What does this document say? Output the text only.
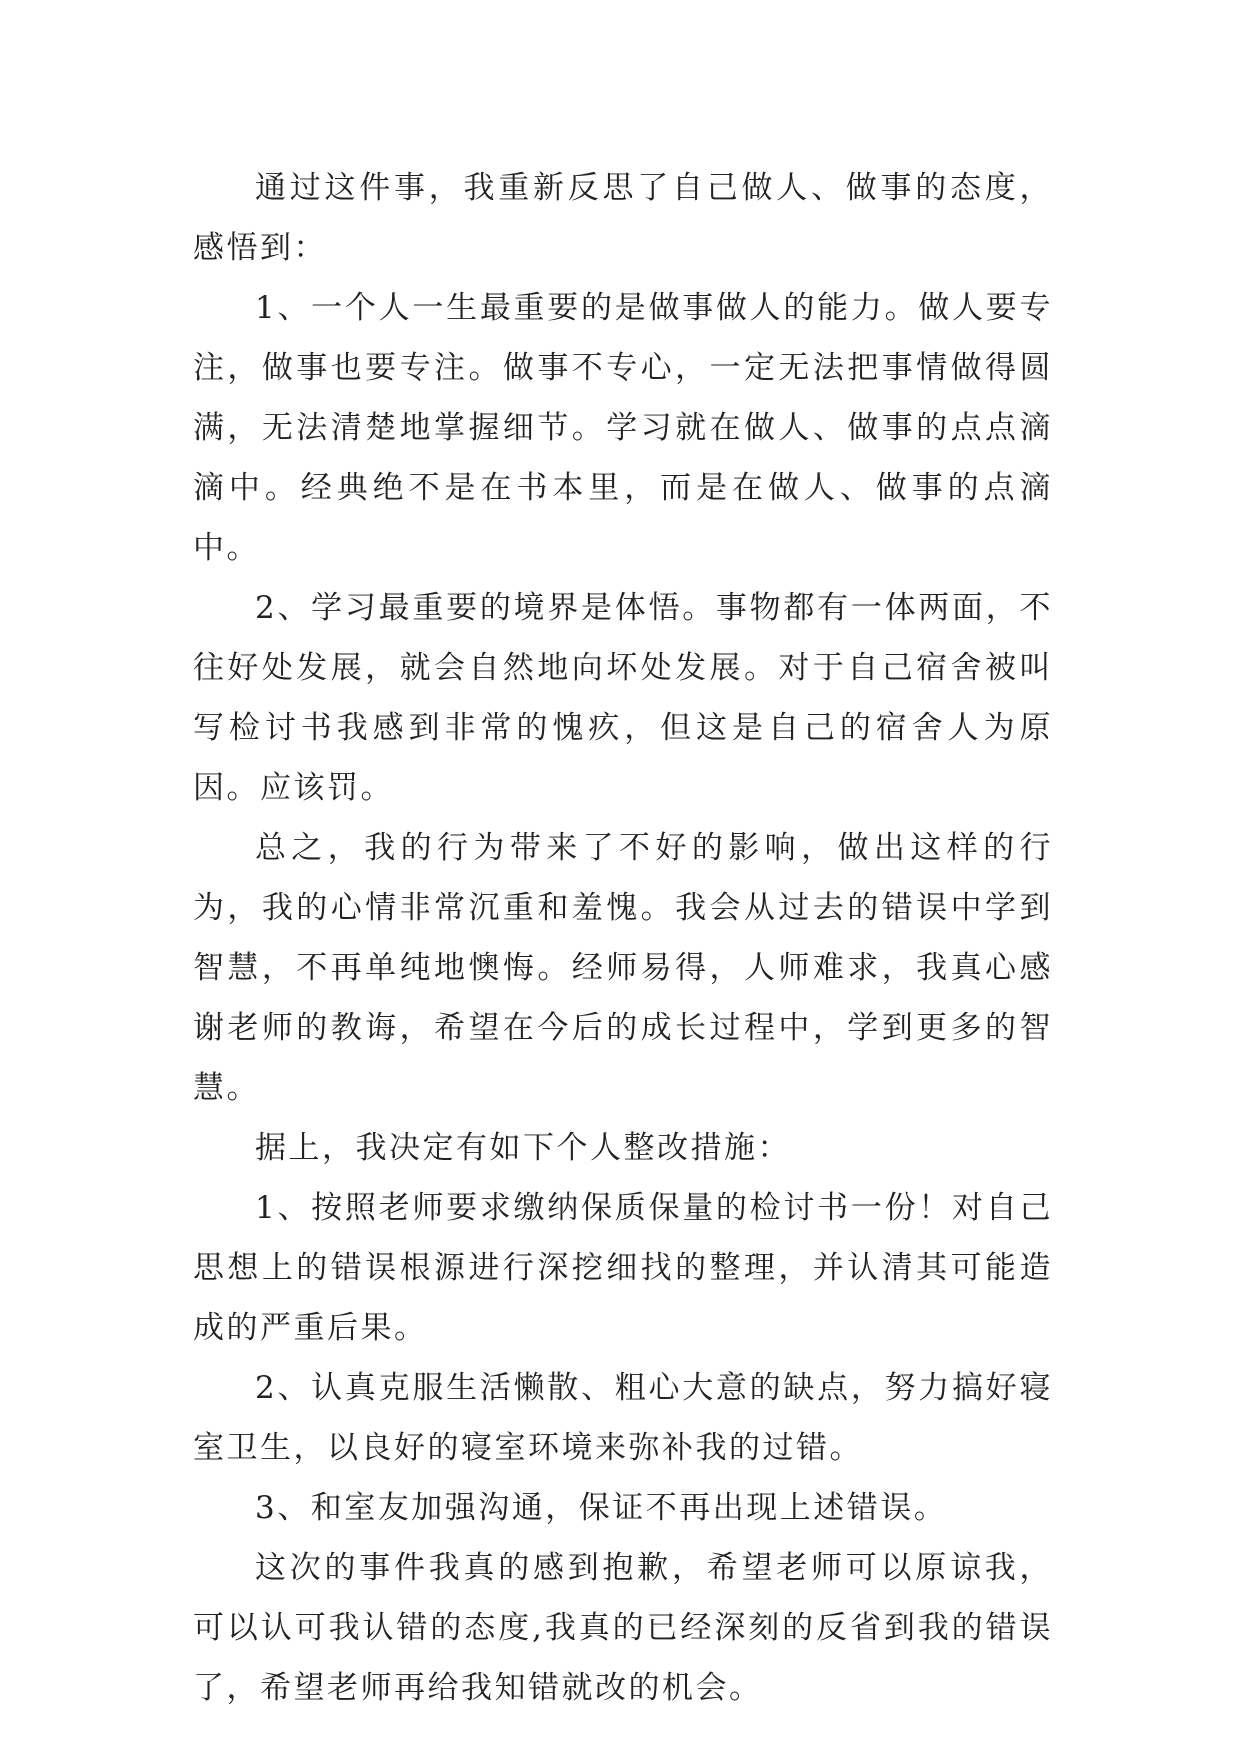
通过这件事，我重新反思了自己做人、做事的态度，感悟到：

1、一个人一生最重要的是做事做人的能力。做人要专注，做事也要专注。做事不专心，一定无法把事情做得圆满，无法清楚地掌握细节。学习就在做人、做事的点点滴滴中。经典绝不是在书本里，而是在做人、做事的点滴中。

2、学习最重要的境界是体悟。事物都有一体两面，不往好处发展，就会自然地向坏处发展。对于自己宿舍被叫写检讨书我感到非常的愧疚，但这是自己的宿舍人为原因。应该罚。

总之，我的行为带来了不好的影响，做出这样的行为，我的心情非常沉重和羞愧。我会从过去的错误中学到智慧，不再单纯地懊悔。经师易得，人师难求，我真心感谢老师的教诲，希望在今后的成长过程中，学到更多的智慧。

据上，我决定有如下个人整改措施：

1、按照老师要求缴纳保质保量的检讨书一份！对自己思想上的错误根源进行深挖细找的整理，并认清其可能造成的严重后果。

2、认真克服生活懒散、粗心大意的缺点，努力搞好寝室卫生，以良好的寝室环境来弥补我的过错。

3、和室友加强沟通，保证不再出现上述错误。

这次的事件我真的感到抱歉，希望老师可以原谅我，可以认可我认错的态度,我真的已经深刻的反省到我的错误了，希望老师再给我知错就改的机会。
